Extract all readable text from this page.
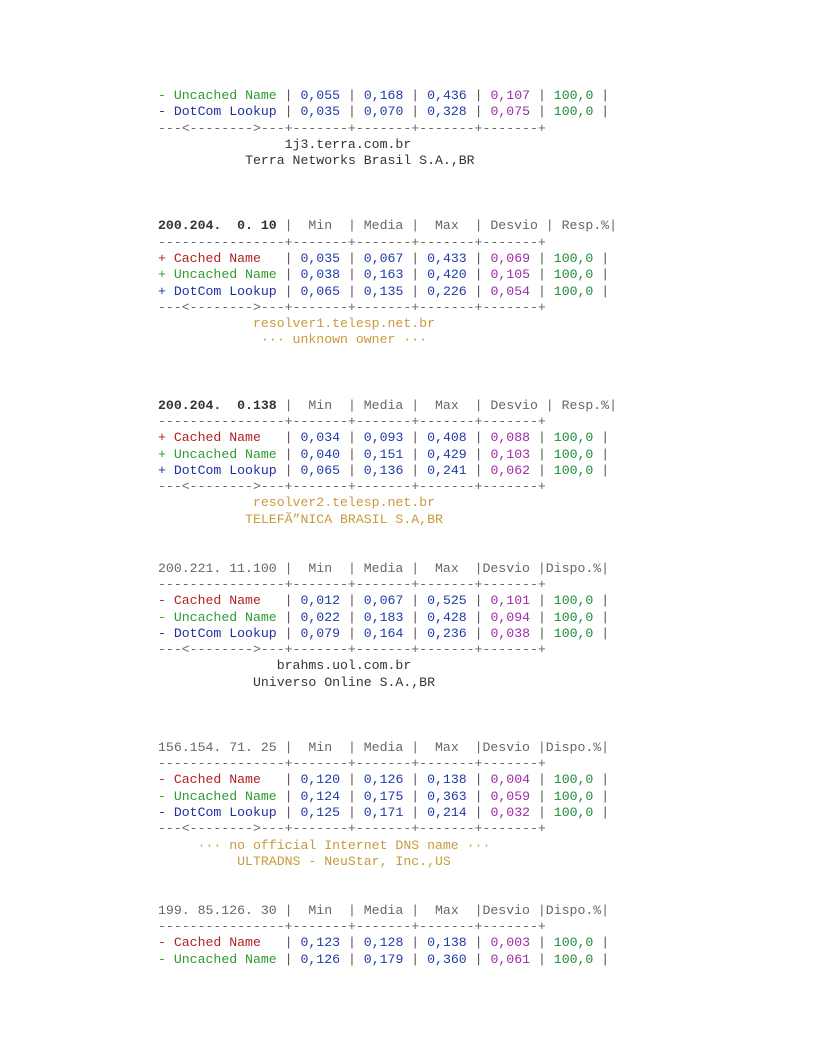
- Uncached Name | 0,055 | 0,168 | 0,436 | 0,107 | 100,0 |
- DotCom Lookup | 0,035 | 0,070 | 0,328 | 0,075 | 100,0 |
---<-------->---+-------+-------+-------+-------+
1j3.terra.com.br
Terra Networks Brasil S.A.,BR
200.204.  0. 10 |  Min  | Media |  Max  | Desvio | Resp.%|
----------------+-------+-------+-------+-------+
+ Cached Name   | 0,035 | 0,067 | 0,433 | 0,069 | 100,0 |
+ Uncached Name | 0,038 | 0,163 | 0,420 | 0,105 | 100,0 |
+ DotCom Lookup | 0,065 | 0,135 | 0,226 | 0,054 | 100,0 |
---<-------->---+-------+-------+-------+-------+
resolver1.telesp.net.br
··· unknown owner ···
200.204.  0.138 |  Min  | Media |  Max  | Desvio | Resp.%|
----------------+-------+-------+-------+-------+
+ Cached Name   | 0,034 | 0,093 | 0,408 | 0,088 | 100,0 |
+ Uncached Name | 0,040 | 0,151 | 0,429 | 0,103 | 100,0 |
+ DotCom Lookup | 0,065 | 0,136 | 0,241 | 0,062 | 100,0 |
---<-------->---+-------+-------+-------+-------+
resolver2.telesp.net.br
TELEFÃ”NICA BRASIL S.A,BR
200.221. 11.100 |  Min  | Media |  Max  |Desvio |Dispo.%|
----------------+-------+-------+-------+-------+
- Cached Name   | 0,012 | 0,067 | 0,525 | 0,101 | 100,0 |
- Uncached Name | 0,022 | 0,183 | 0,428 | 0,094 | 100,0 |
- DotCom Lookup | 0,079 | 0,164 | 0,236 | 0,038 | 100,0 |
---<-------->---+-------+-------+-------+-------+
brahms.uol.com.br
Universo Online S.A.,BR
156.154. 71. 25 |  Min  | Media |  Max  |Desvio |Dispo.%|
----------------+-------+-------+-------+-------+
- Cached Name   | 0,120 | 0,126 | 0,138 | 0,004 | 100,0 |
- Uncached Name | 0,124 | 0,175 | 0,363 | 0,059 | 100,0 |
- DotCom Lookup | 0,125 | 0,171 | 0,214 | 0,032 | 100,0 |
---<-------->---+-------+-------+-------+-------+
··· no official Internet DNS name ···
ULTRADNS - NeuStar, Inc.,US
199. 85.126. 30 |  Min  | Media |  Max  |Desvio |Dispo.%|
----------------+-------+-------+-------+-------+
- Cached Name   | 0,123 | 0,128 | 0,138 | 0,003 | 100,0 |
- Uncached Name | 0,126 | 0,179 | 0,360 | 0,061 | 100,0 |
